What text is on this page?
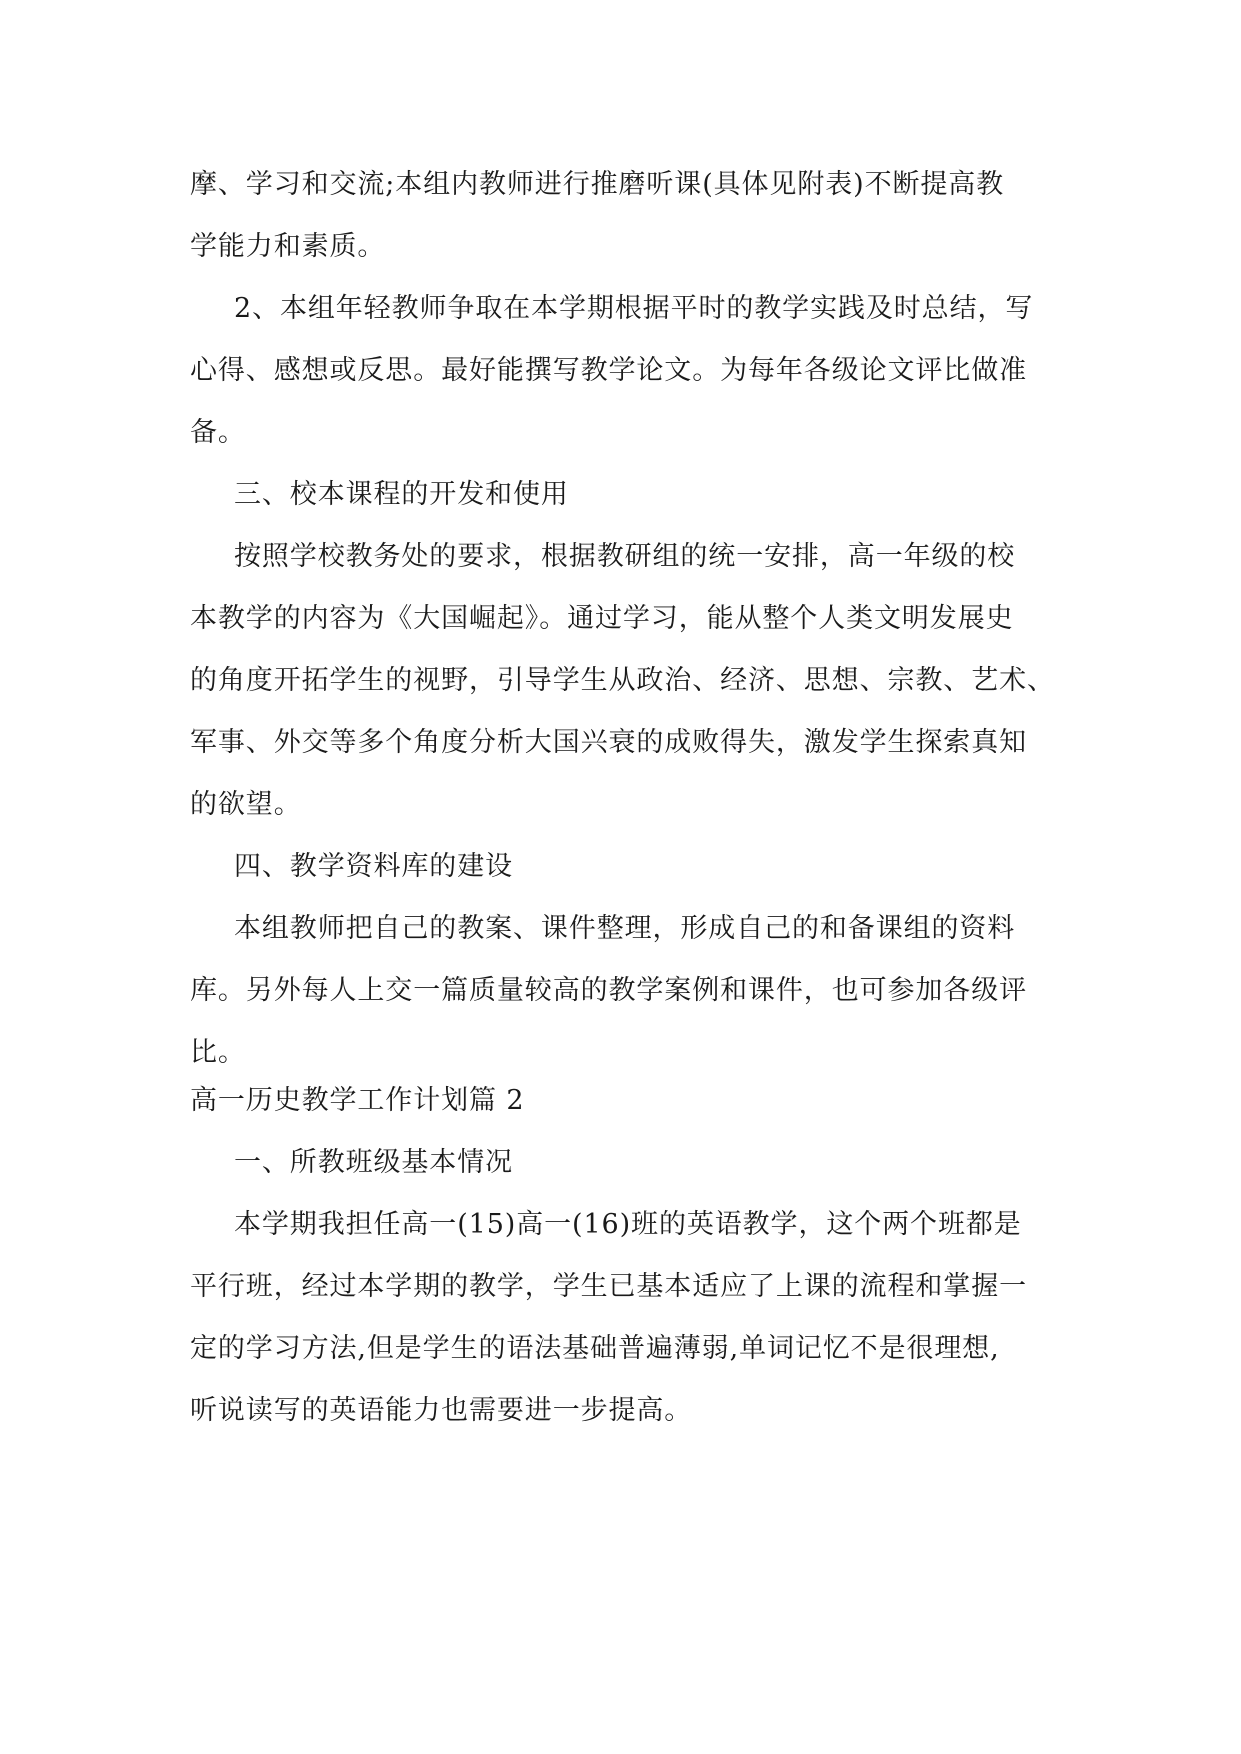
摩、学习和交流;本组内教师进行推磨听课(具体见附表)不断提高教
学能力和素质。
2、本组年轻教师争取在本学期根据平时的教学实践及时总结，写
心得、感想或反思。最好能撰写教学论文。为每年各级论文评比做准
备。
三、校本课程的开发和使用
按照学校教务处的要求，根据教研组的统一安排，高一年级的校
本教学的内容为《大国崛起》。通过学习，能从整个人类文明发展史
的角度开拓学生的视野，引导学生从政治、经济、思想、宗教、艺术、
军事、外交等多个角度分析大国兴衰的成败得失，激发学生探索真知
的欲望。
四、教学资料库的建设
本组教师把自己的教案、课件整理，形成自己的和备课组的资料
库。另外每人上交一篇质量较高的教学案例和课件，也可参加各级评
比。
高一历史教学工作计划篇 2
一、所教班级基本情况
本学期我担任高一(15)高一(16)班的英语教学，这个两个班都是
平行班，经过本学期的教学，学生已基本适应了上课的流程和掌握一
定的学习方法,但是学生的语法基础普遍薄弱,单词记忆不是很理想,
听说读写的英语能力也需要进一步提高。
